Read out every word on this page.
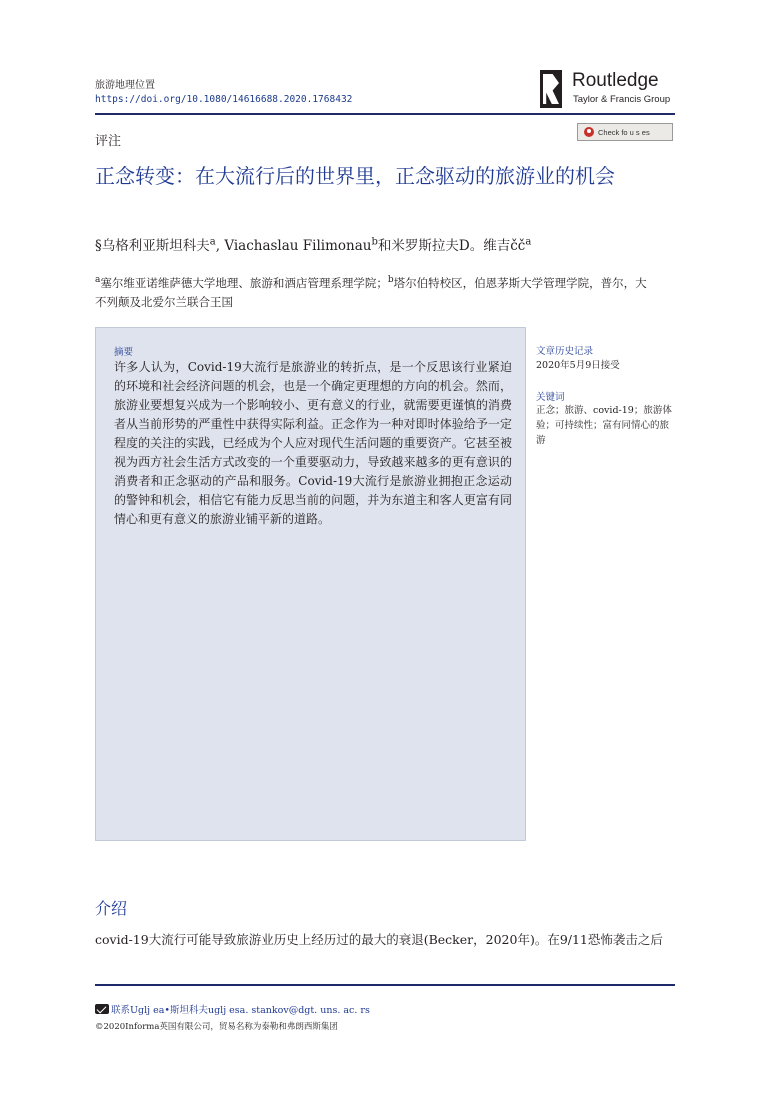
旅游地理位置
https://doi.org/10.1080/14616688.2020.1768432
Routledge
Taylor & Francis Group
评注
Check fo u s es
正念转变：在大流行后的世界里，正念驱动的旅游业的机会
§乌格利亚斯坦科夫$^a$, Viachaslau Filimonau$^b$和米罗斯拉夫D。维吉$čč^a$
$^a$塞尔维亚诺维萨德大学地理、旅游和酒店管理系理学院；$^b$塔尔伯特校区，伯恩茅斯大学管理学院，普尔，大不列颠及北爱尔兰联合王国
摘要
许多人认为，Covid-19大流行是旅游业的转折点，是一个反思该行业紧迫的环境和社会经济问题的机会，也是一个确定更理想的方向的机会。然而，旅游业要想复兴成为一个影响较小、更有意义的行业，就需要更谨慎的消费者从当前形势的严重性中获得实际利益。正念作为一种对即时体验给予一定程度的关注的实践，已经成为个人应对现代生活问题的重要资产。它甚至被视为西方社会生活方式改变的一个重要驱动力，导致越来越多的更有意识的消费者和正念驱动的产品和服务。Covid-19大流行是旅游业拥抱正念运动的警钟和机会，相信它有能力反思当前的问题，并为东道主和客人更富有同情心和更有意义的旅游业铺平新的道路。
文章历史记录
2020年5月9日接受
关键词
正念；旅游、covid-19；旅游体验；可持续性；富有同情心的旅游
介绍
covid-19大流行可能导致旅游业历史上经历过的最大的衰退(Becker，2020年)。在9/11恐怖袭击之后
联系Uglj ea•斯坦科夫uglj esa. stankov@dgt. uns. ac. rs
©2020Informa英国有限公司，贸易名称为泰勒和弗朗西斯集团
